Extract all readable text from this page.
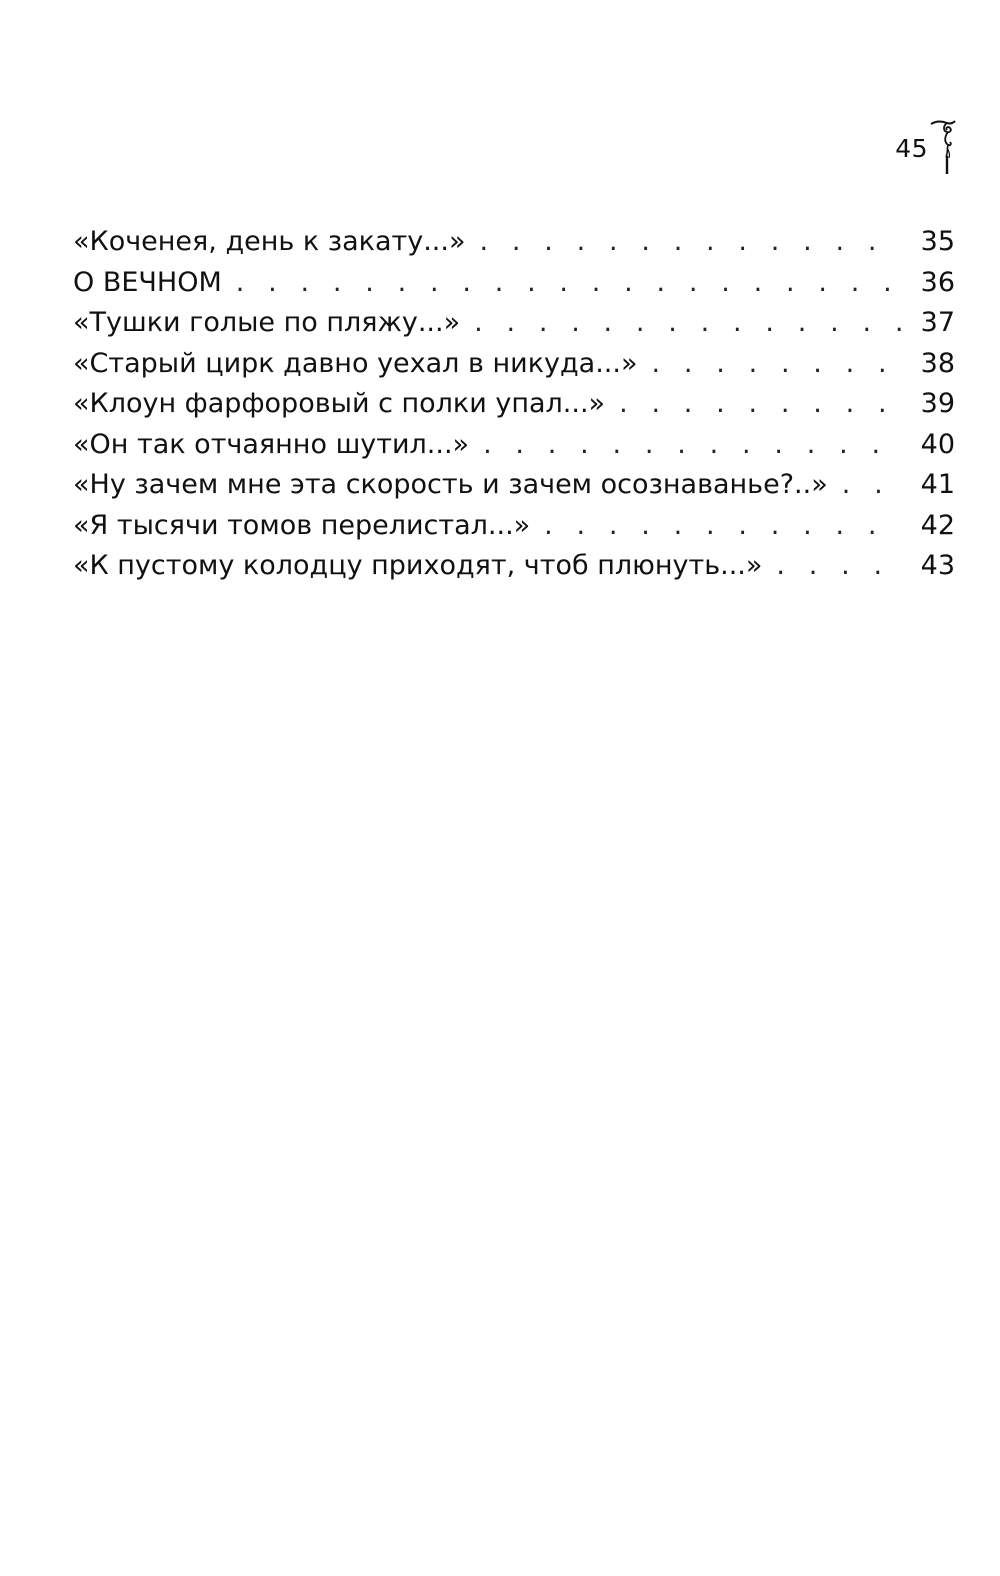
45
«Коченея, день к закату...» . . .	35
О ВЕЧНОМ . . .	36
«Тушки голые по пляжу...» . . .	37
«Старый цирк давно уехал в никуда...» . . .	38
«Клоун фарфоровый с полки упал...» . . .	39
«Он так отчаянно шутил...» . . .	40
«Ну зачем мне эта скорость и зачем осознаванье?..» . . .	41
«Я тысячи томов перелистал...» . . .	42
«К пустому колодцу приходят, чтоб плюнуть...» . . .	43
